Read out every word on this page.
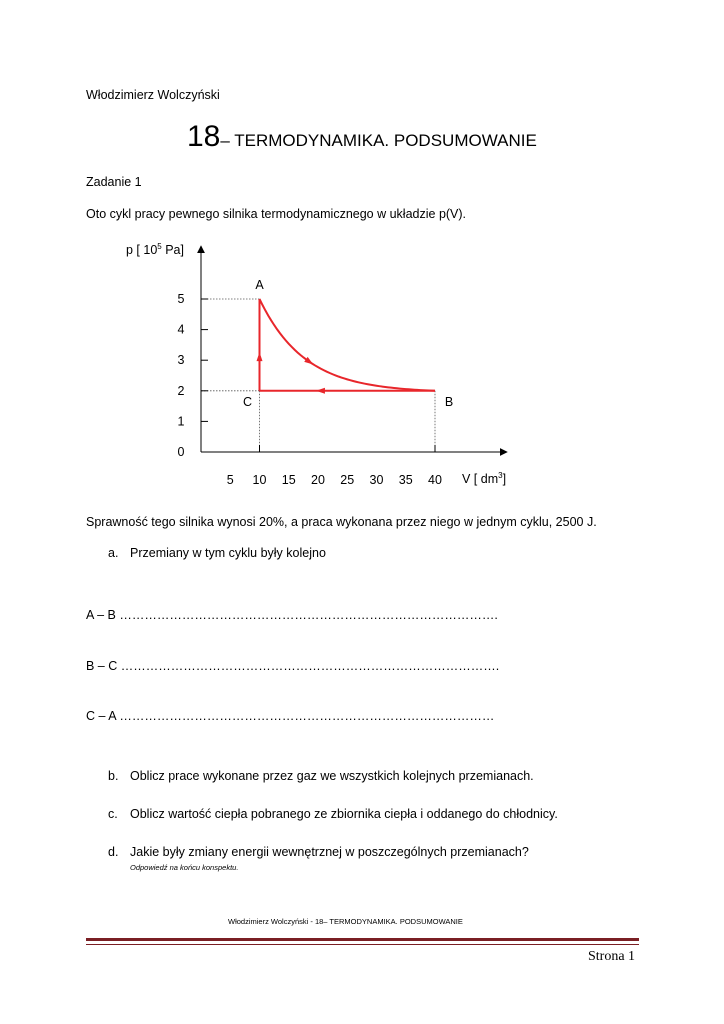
Włodzimierz Wolczyński
18– TERMODYNAMIKA. PODSUMOWANIE
Zadanie 1
Oto cykl pracy pewnego silnika termodynamicznego w układzie p(V).
0
1
2
3
4
5
5 10 15 20 25 30 35 40
A
B
C
p [ $10^5$ Pa]
V [ $dm^3$]
Sprawność tego silnika wynosi 20%, a praca wykonana przez niego w jednym cyklu, 2500 J.
a. Przemiany w tym cyklu były kolejno
A – B ……………………………………………………………………………….
B – C ……………………………………………………………………………….
C – A ………………………………………………………………………………
b. Oblicz prace wykonane przez gaz we wszystkich kolejnych przemianach.
c. Oblicz wartość ciepła pobranego ze zbiornika ciepła i oddanego do chłodnicy.
d. Jakie były zmiany energii wewnętrznej w poszczególnych przemianach?
Odpowiedź na końcu konspektu.
Włodzimierz Wolczyński - 18– TERMODYNAMIKA. PODSUMOWANIE
Strona 1
